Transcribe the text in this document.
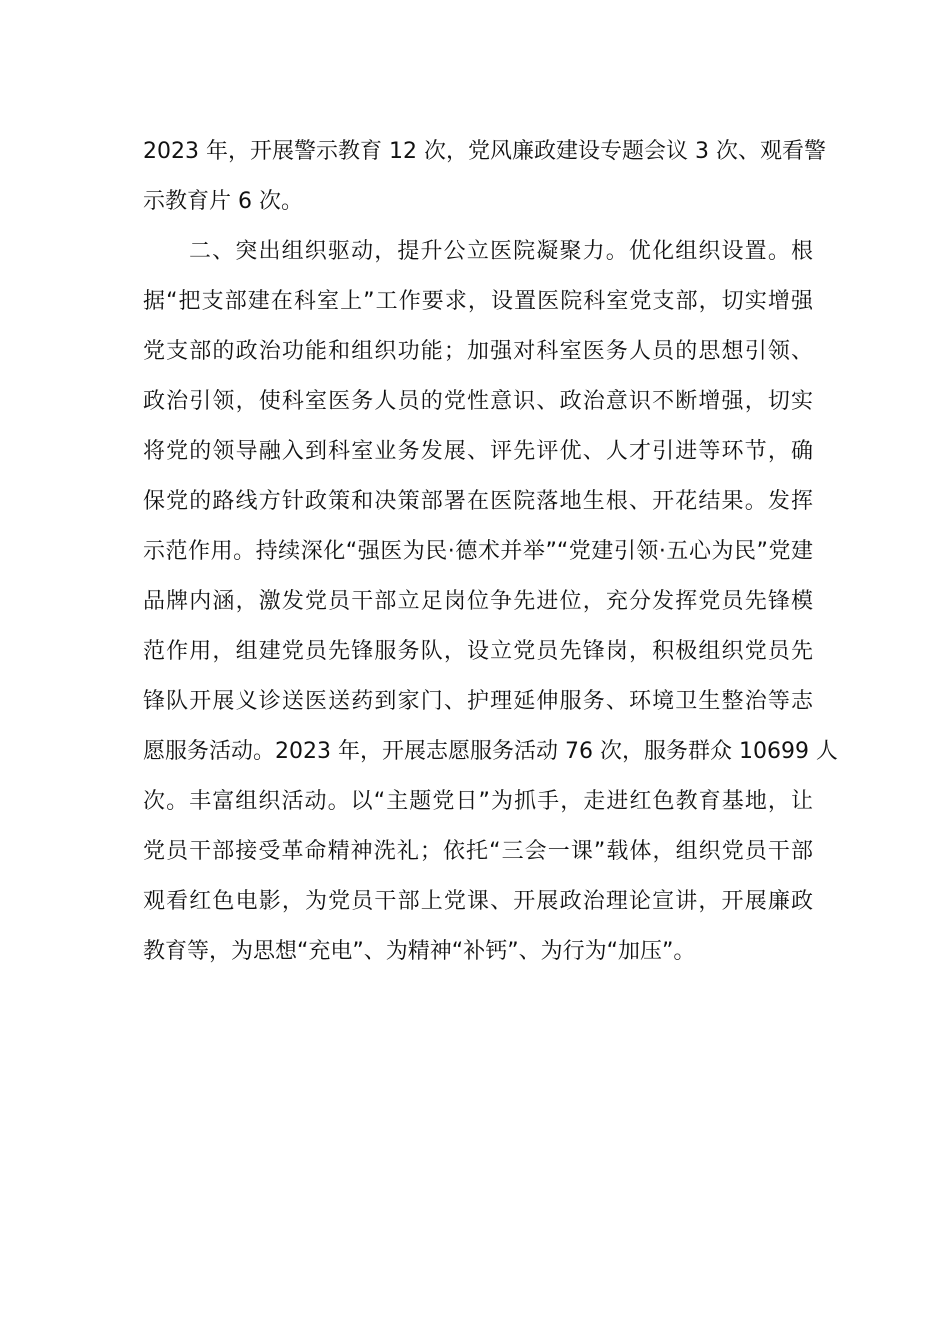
2023 年，开展警示教育 12 次，党风廉政建设专题会议 3 次、观看警
示教育片 6 次。
二、突出组织驱动，提升公立医院凝聚力。优化组织设置。根
据“把支部建在科室上”工作要求，设置医院科室党支部，切实增强
党支部的政治功能和组织功能；加强对科室医务人员的思想引领、
政治引领，使科室医务人员的党性意识、政治意识不断增强，切实
将党的领导融入到科室业务发展、评先评优、人才引进等环节，确
保党的路线方针政策和决策部署在医院落地生根、开花结果。发挥
示范作用。持续深化“强医为民·德术并举”“党建引领·五心为民”党建
品牌内涵，激发党员干部立足岗位争先进位，充分发挥党员先锋模
范作用，组建党员先锋服务队，设立党员先锋岗，积极组织党员先
锋队开展义诊送医送药到家门、护理延伸服务、环境卫生整治等志
愿服务活动。2023 年，开展志愿服务活动 76 次，服务群众 10699 人
次。丰富组织活动。以“主题党日”为抓手，走进红色教育基地，让
党员干部接受革命精神洗礼；依托“三会一课”载体，组织党员干部
观看红色电影，为党员干部上党课、开展政治理论宣讲，开展廉政
教育等，为思想“充电”、为精神“补钙”、为行为“加压”。
